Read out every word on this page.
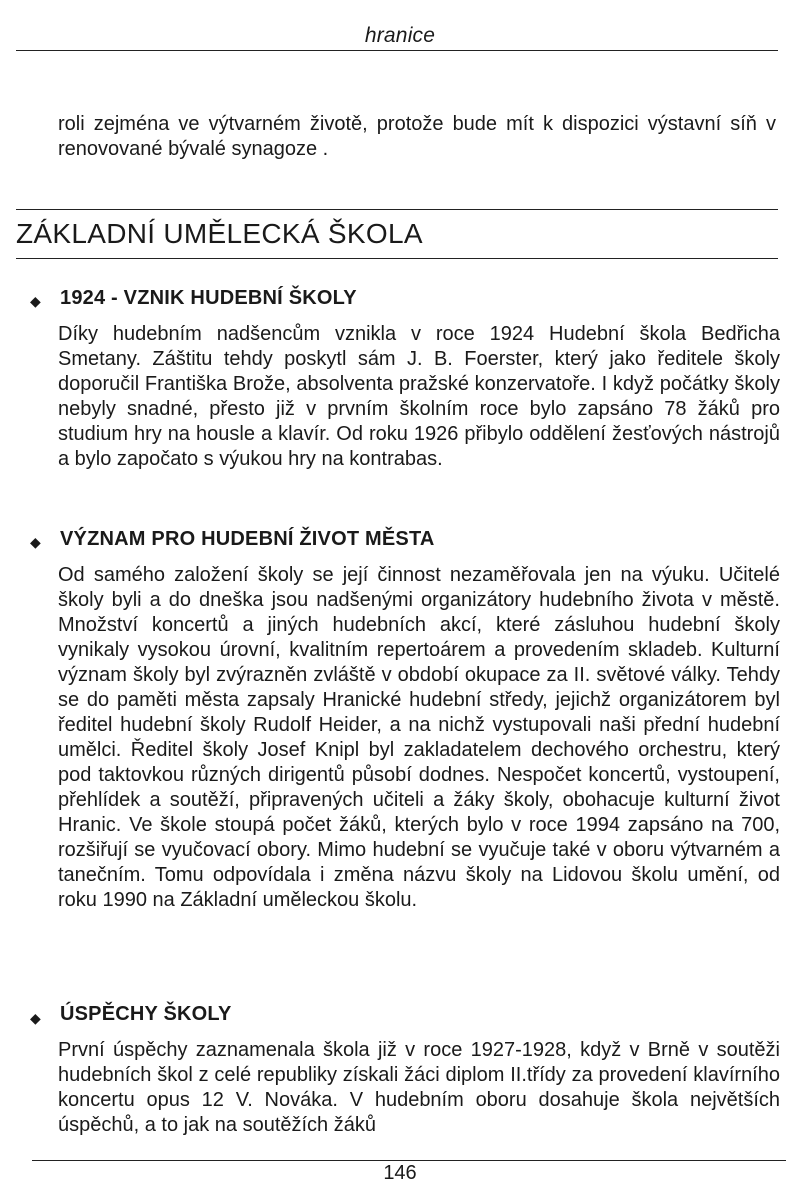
hranice

roli zejména ve výtvarném životě, protože bude mít k dispozici výstavní síň v renovované bývalé synagoze .

ZÁKLADNÍ UMĚLECKÁ ŠKOLA
◆ 1924 - VZNIK HUDEBNÍ ŠKOLY

Díky hudebním nadšencům vznikla v roce 1924 Hudební škola Bedřicha Smetany. Záštitu tehdy poskytl sám J. B. Foerster, který jako ředitele školy doporučil Františka Brože, absolventa pražské konzervatoře. I když počátky školy nebyly snadné, přesto již v prvním školním roce bylo zapsáno 78 žáků pro studium hry na housle a klavír. Od roku 1926 přibylo oddělení žesťových nástrojů a bylo započato s výukou hry na kontrabas.

◆ VÝZNAM PRO HUDEBNÍ ŽIVOT MĚSTA

Od samého založení školy se její činnost nezaměřovala jen na výuku. Učitelé školy byli a do dneška jsou nadšenými organizátory hudebního života v městě. Množství koncertů a jiných hudebních akcí, které zásluhou hudební školy vynikaly vysokou úrovní, kvalitním repertoárem a provedením skladeb. Kulturní význam školy byl zvýrazněn zvláště v období okupace za II. světové války. Tehdy se do paměti města zapsaly Hranické hudební středy, jejichž organizátorem byl ředitel hudební školy Rudolf Heider, a na nichž vystupovali naši přední hudební umělci. Ředitel školy Josef Knipl byl zakladatelem dechového orchestru, který pod taktovkou různých dirigentů působí dodnes. Nespočet koncertů, vystoupení, přehlídek a soutěží, připravených učiteli a žáky školy, obohacuje kulturní život Hranic. Ve škole stoupá počet žáků, kterých bylo v roce 1994 zapsáno na 700, rozšiřují se vyučovací obory. Mimo hudební se vyučuje také v oboru výtvarném a tanečním. Tomu odpovídala i změna názvu školy na Lidovou školu umění, od roku 1990 na Základní uměleckou školu.

◆ ÚSPĚCHY ŠKOLY

První úspěchy zaznamenala škola již v roce 1927-1928, když v Brně v soutěži hudebních škol z celé republiky získali žáci diplom II.třídy za provedení klavírního koncertu opus 12 V. Nováka. V hudebním oboru dosahuje škola největších úspěchů, a to jak na soutěžích žáků

146
